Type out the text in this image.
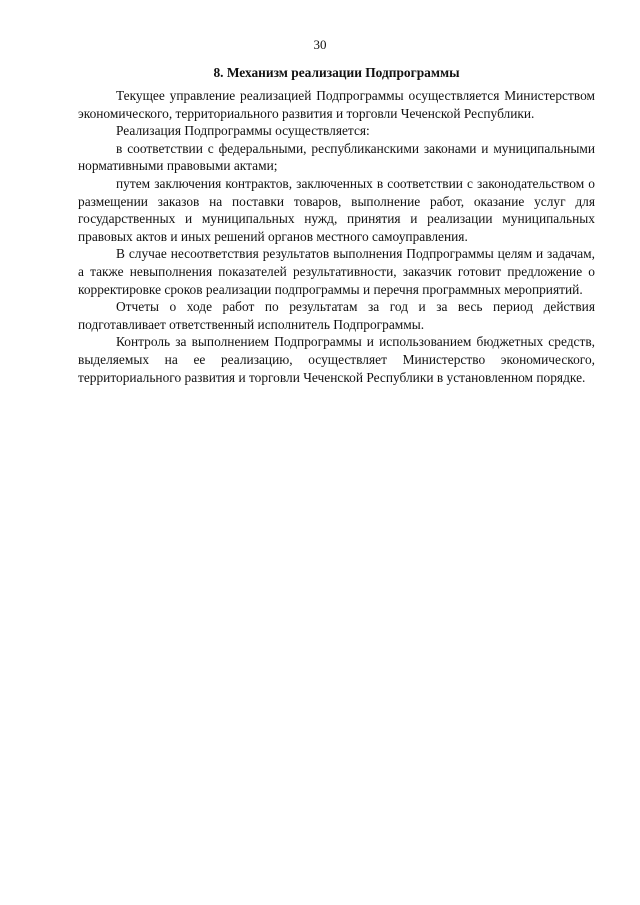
30
8. Механизм реализации Подпрограммы

Текущее управление реализацией Подпрограммы осуществляется Министерством экономического, территориального развития и торговли Чеченской Республики.

Реализация Подпрограммы осуществляется:

в соответствии с федеральными, республиканскими законами и муниципальными нормативными правовыми актами;

путем заключения контрактов, заключенных в соответствии с законодательством о размещении заказов на поставки товаров, выполнение работ, оказание услуг для государственных и муниципальных нужд, принятия и реализации муниципальных правовых актов и иных решений органов местного самоуправления.

В случае несоответствия результатов выполнения Подпрограммы целям и задачам, а также невыполнения показателей результативности, заказчик готовит предложение о корректировке сроков реализации подпрограммы и перечня программных мероприятий.

Отчеты о ходе работ по результатам за год и за весь период действия подготавливает ответственный исполнитель Подпрограммы.

Контроль за выполнением Подпрограммы и использованием бюджетных средств, выделяемых на ее реализацию, осуществляет Министерство экономического, территориального развития и торговли Чеченской Республики в установленном порядке.
